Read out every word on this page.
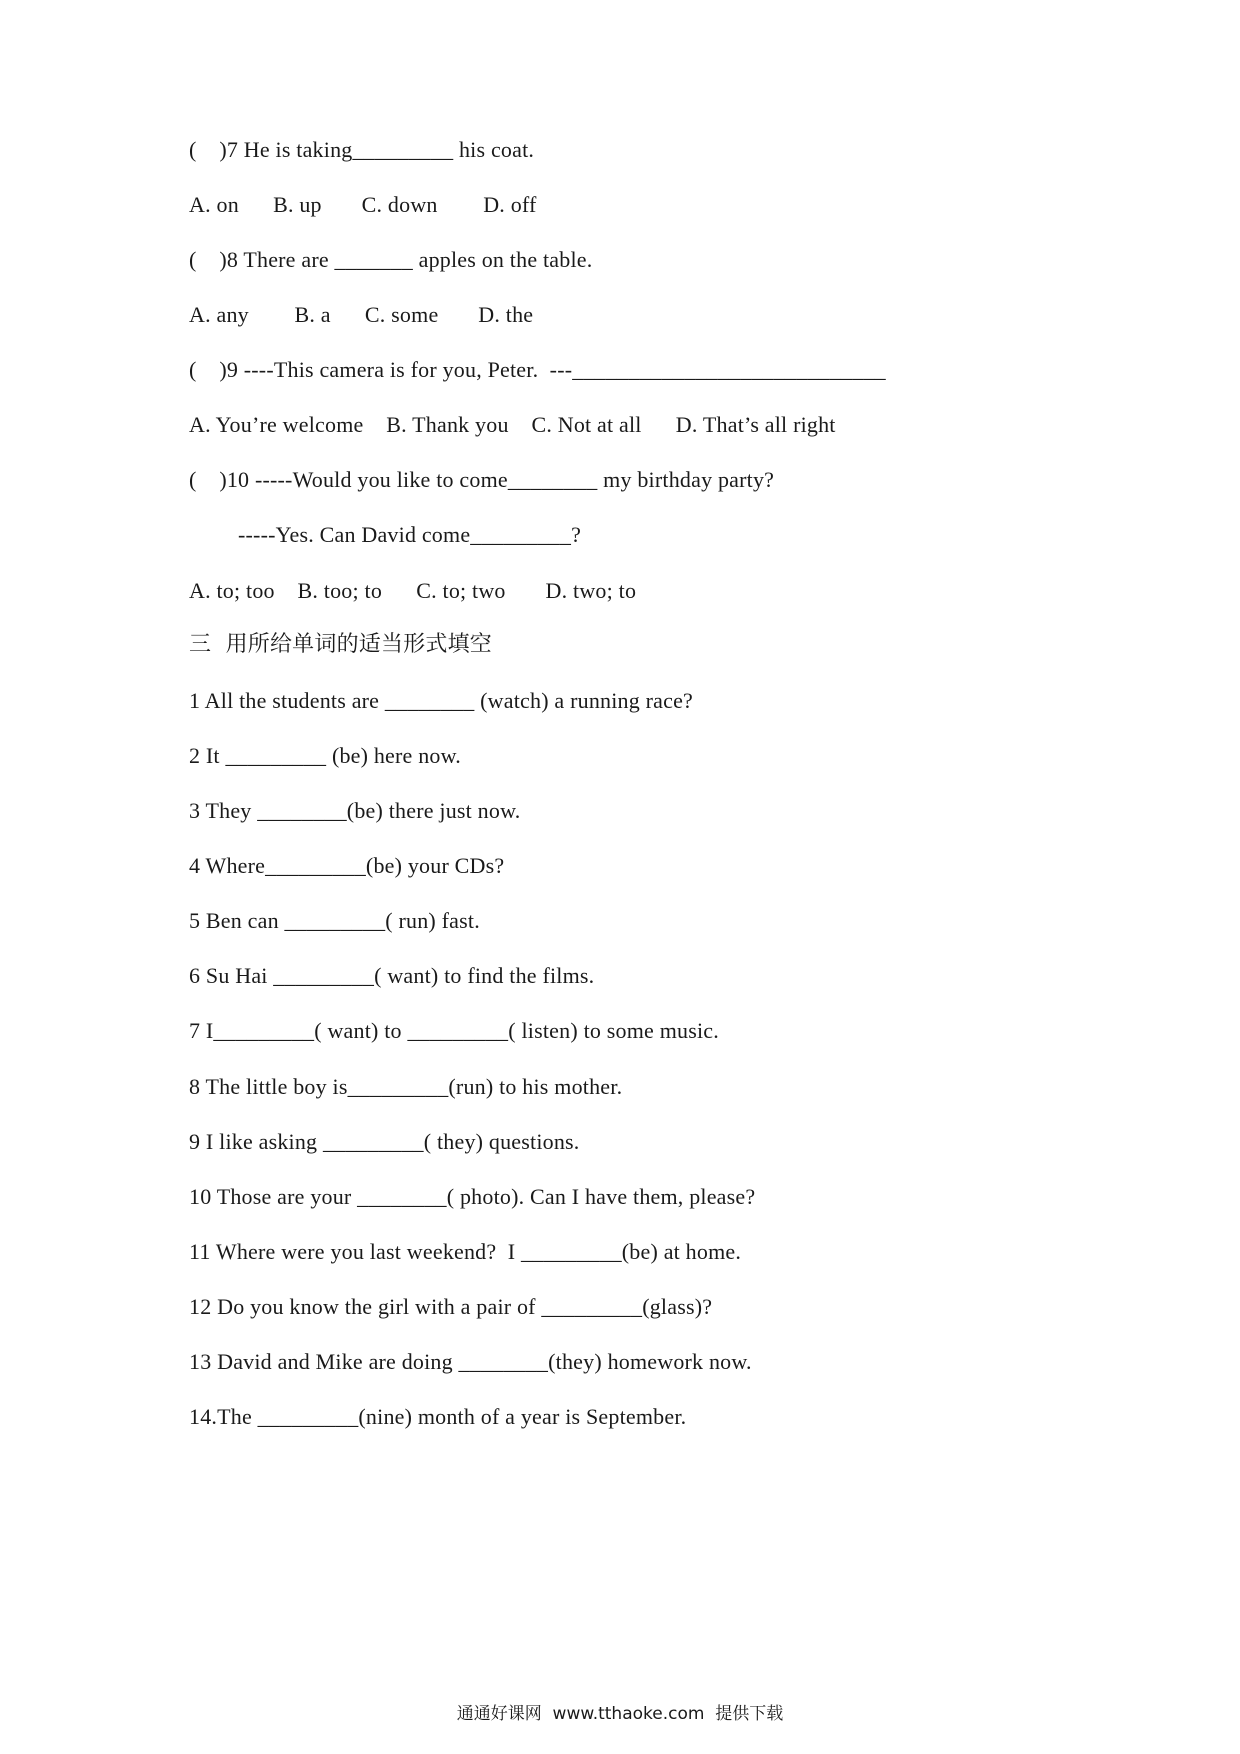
(    )7 He is taking_________ his coat.
A. on      B. up       C. down        D. off
(    )8 There are _______ apples on the table.
A. any        B. a      C. some       D. the
(    )9 ----This camera is for you, Peter.  ---____________________________
A. You’re welcome    B. Thank you    C. Not at all      D. That’s all right
(    )10 -----Would you like to come________ my birthday party?
-----Yes. Can David come_________?
A. to; too    B. too; to      C. to; two       D. two; to
三  用所给单词的适当形式填空
1 All the students are ________ (watch) a running race?
2 It _________ (be) here now.
3 They ________(be) there just now.
4 Where_________(be) your CDs?
5 Ben can _________( run) fast.
6 Su Hai _________( want) to find the films.
7 I_________( want) to _________( listen) to some music.
8 The little boy is_________(run) to his mother.
9 I like asking _________( they) questions.
10 Those are your ________( photo). Can I have them, please?
11 Where were you last weekend?  I _________(be) at home.
12 Do you know the girl with a pair of _________(glass)?
13 David and Mike are doing ________(they) homework now.
14.The _________(nine) month of a year is September.
通通好课网  www.tthaoke.com  提供下载
